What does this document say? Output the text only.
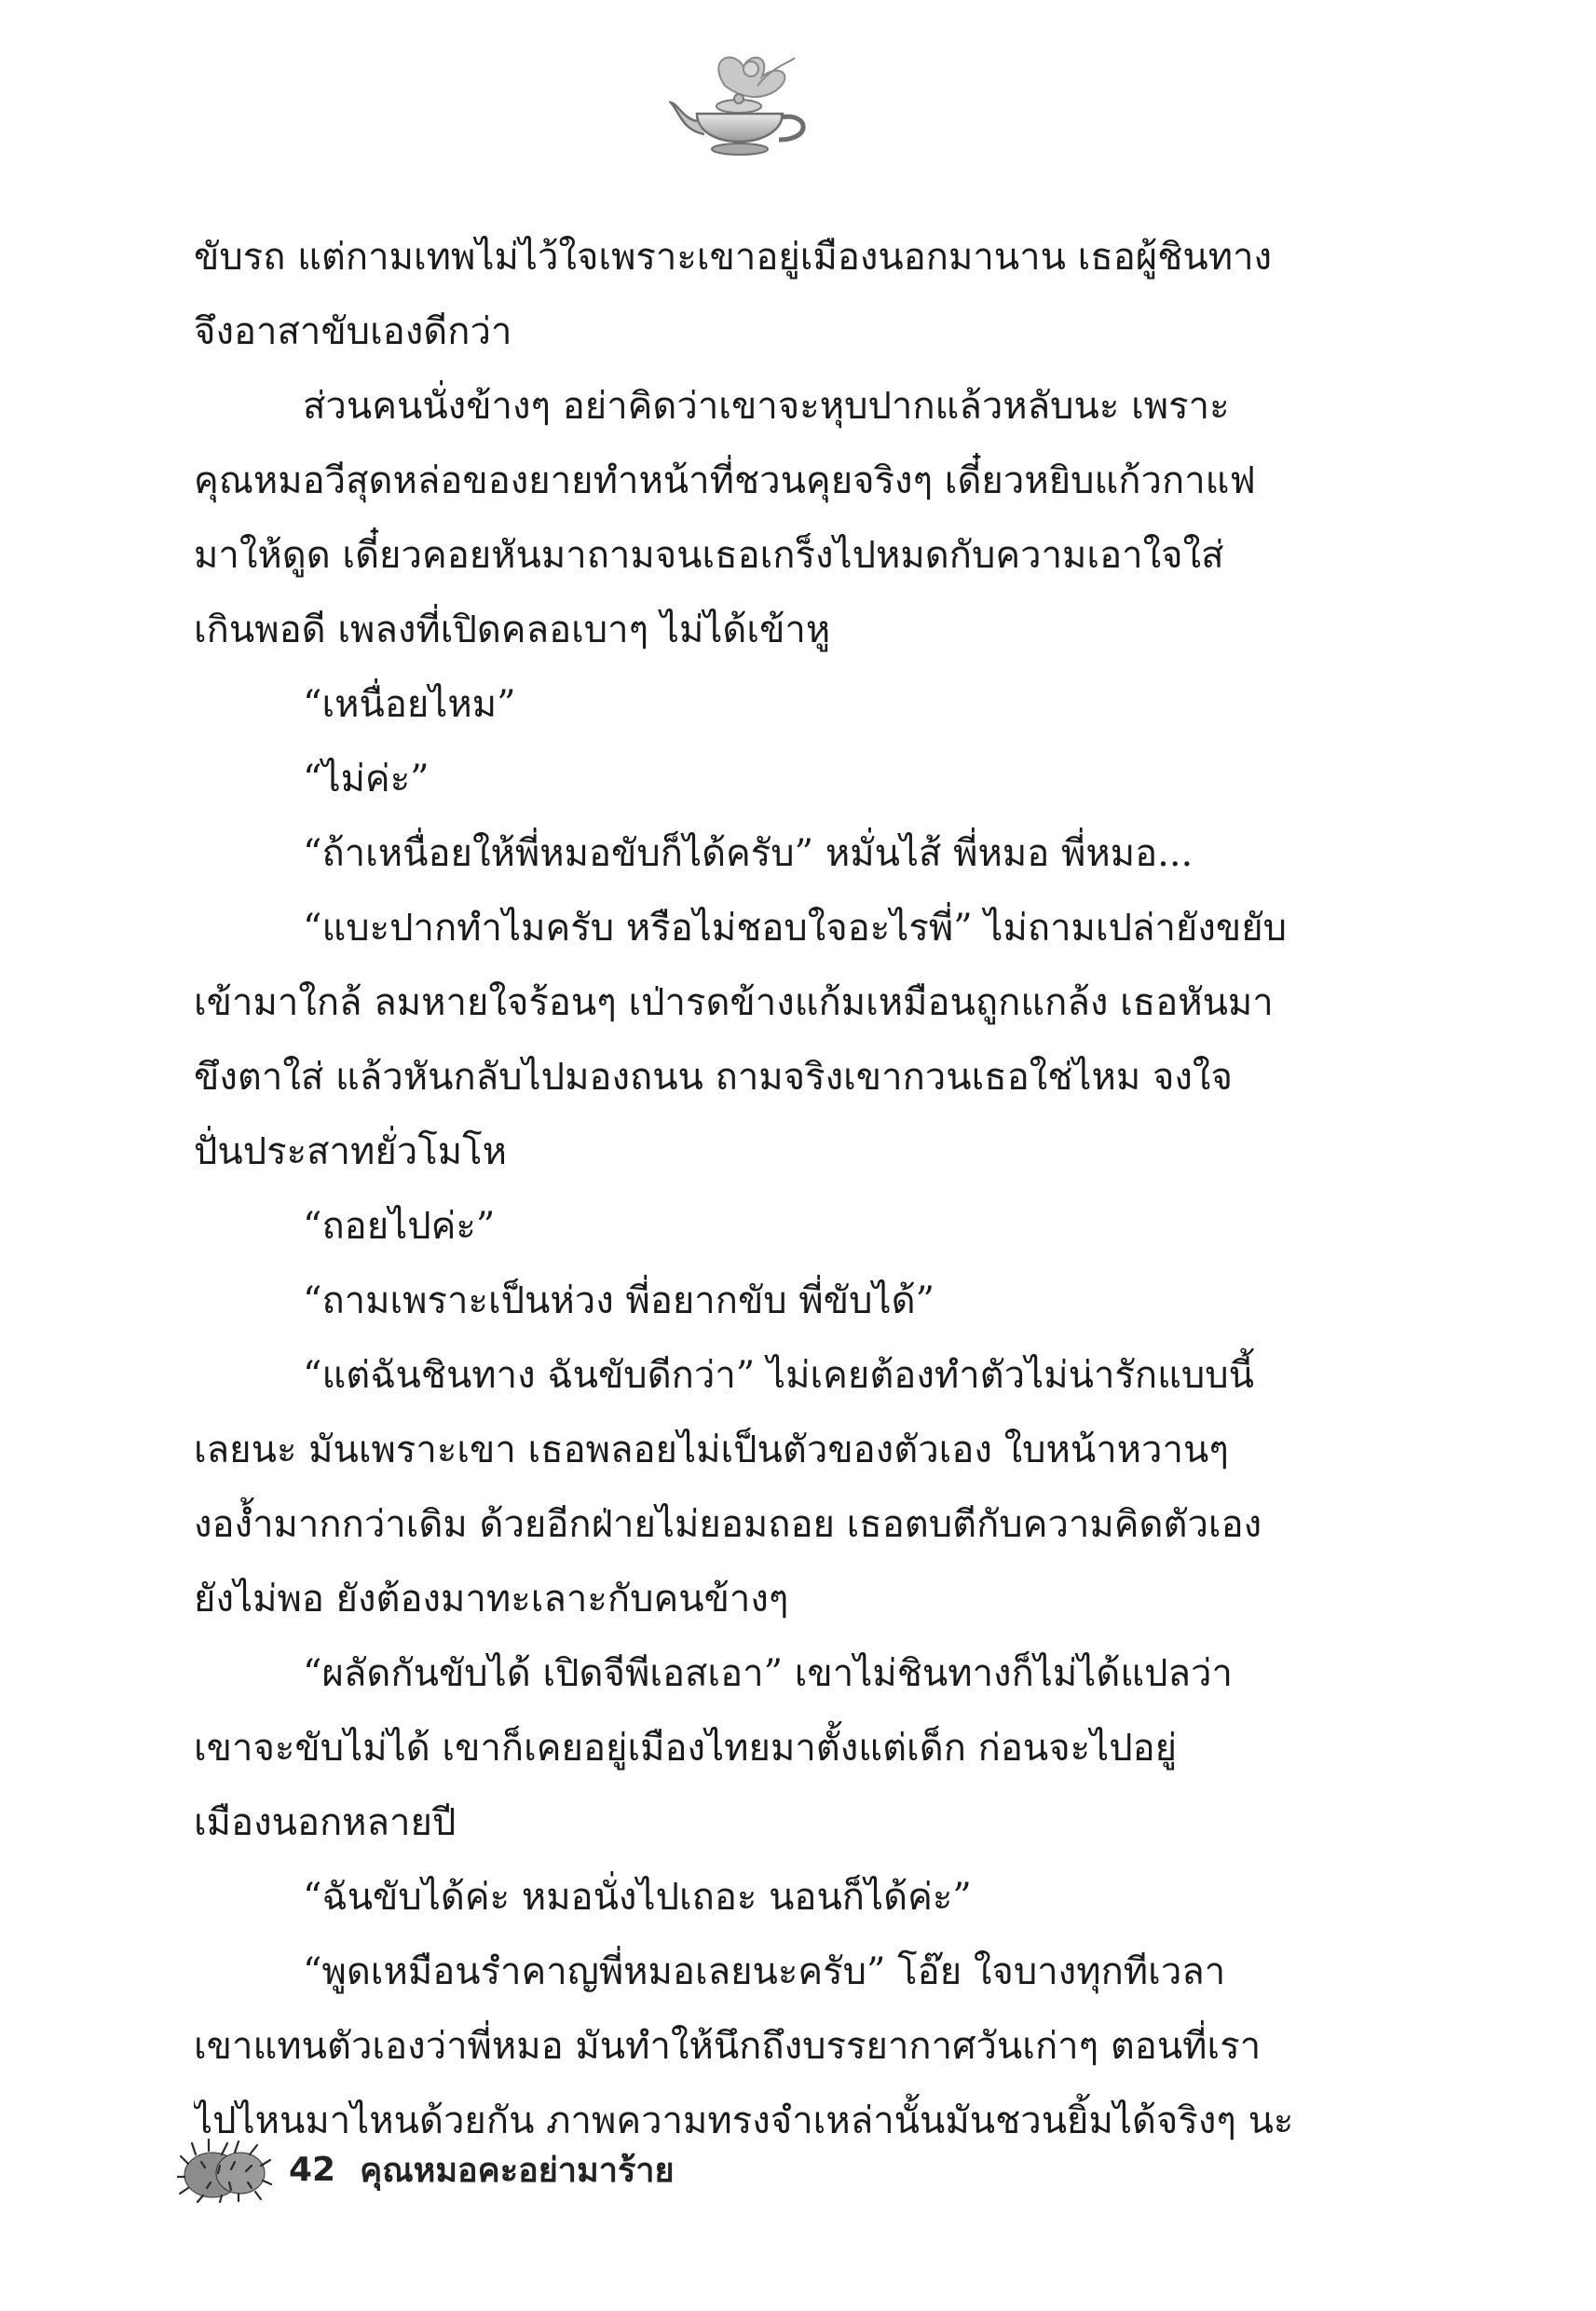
ขับรถ แต่กามเทพไม่ไว้ใจเพราะเขาอยู่เมืองนอกมานาน เธอผู้ชินทาง
จึงอาสาขับเองดีกว่า
ส่วนคนนั่งข้างๆ อย่าคิดว่าเขาจะหุบปากแล้วหลับนะ เพราะ
คุณหมอวีสุดหล่อของยายทำหน้าที่ชวนคุยจริงๆ เดี๋ยวหยิบแก้วกาแฟ
มาให้ดูด เดี๋ยวคอยหันมาถามจนเธอเกร็งไปหมดกับความเอาใจใส่
เกินพอดี เพลงที่เปิดคลอเบาๆ ไม่ได้เข้าหู
“เหนื่อยไหม”
“ไม่ค่ะ”
“ถ้าเหนื่อยให้พี่หมอขับก็ได้ครับ” หมั่นไส้ พี่หมอ พี่หมอ...
“แบะปากทำไมครับ หรือไม่ชอบใจอะไรพี่” ไม่ถามเปล่ายังขยับ
เข้ามาใกล้ ลมหายใจร้อนๆ เป่ารดข้างแก้มเหมือนถูกแกล้ง เธอหันมา
ขึงตาใส่ แล้วหันกลับไปมองถนน ถามจริงเขากวนเธอใช่ไหม จงใจ
ปั่นประสาทยั่วโมโห
“ถอยไปค่ะ”
“ถามเพราะเป็นห่วง พี่อยากขับ พี่ขับได้”
“แต่ฉันชินทาง ฉันขับดีกว่า” ไม่เคยต้องทำตัวไม่น่ารักแบบนี้
เลยนะ มันเพราะเขา เธอพลอยไม่เป็นตัวของตัวเอง ใบหน้าหวานๆ
งองํ้ามากกว่าเดิม ด้วยอีกฝ่ายไม่ยอมถอย เธอตบตีกับความคิดตัวเอง
ยังไม่พอ ยังต้องมาทะเลาะกับคนข้างๆ
“ผลัดกันขับได้ เปิดจีพีเอสเอา” เขาไม่ชินทางก็ไม่ได้แปลว่า
เขาจะขับไม่ได้ เขาก็เคยอยู่เมืองไทยมาตั้งแต่เด็ก ก่อนจะไปอยู่
เมืองนอกหลายปี
“ฉันขับได้ค่ะ หมอนั่งไปเถอะ นอนก็ได้ค่ะ”
“พูดเหมือนรำคาญพี่หมอเลยนะครับ” โอ๊ย ใจบางทุกทีเวลา
เขาแทนตัวเองว่าพี่หมอ มันทำให้นึกถึงบรรยากาศวันเก่าๆ ตอนที่เรา
ไปไหนมาไหนด้วยกัน ภาพความทรงจำเหล่านั้นมันชวนยิ้มได้จริงๆ นะ
42 คุณหมอคะอย่ามาร้าย
